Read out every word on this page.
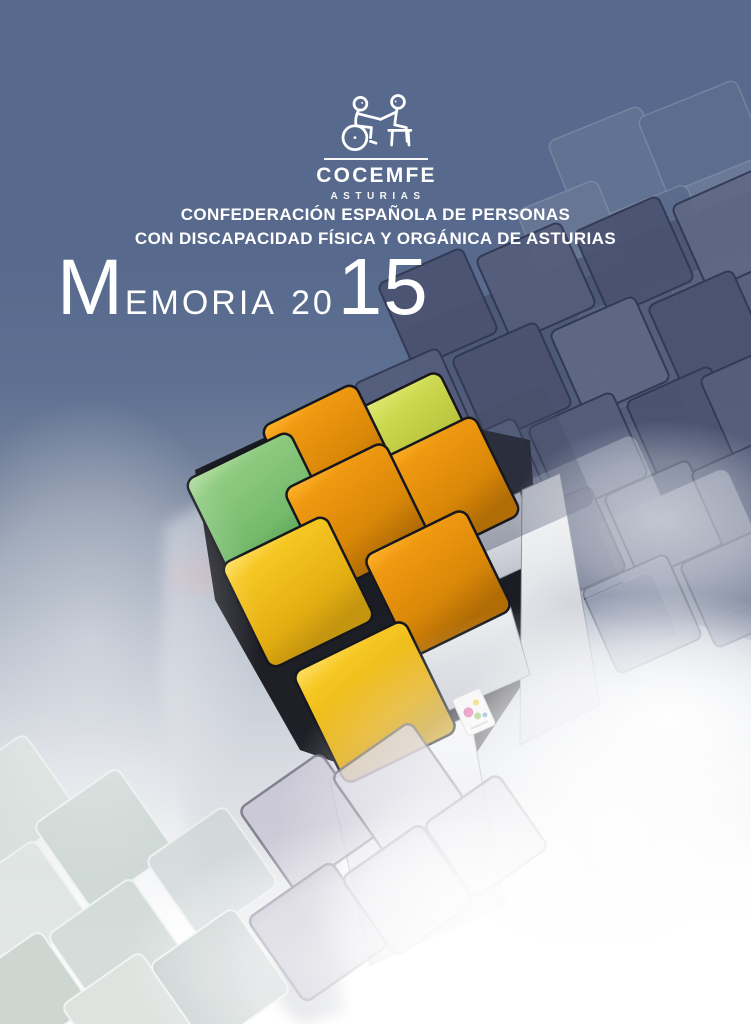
COCEMFE
ASTURIAS
CONFEDERACIÓN ESPAÑOLA DE PERSONAS
CON DISCAPACIDAD FÍSICA Y ORGÁNICA DE ASTURIAS
MEMORIA 2015
